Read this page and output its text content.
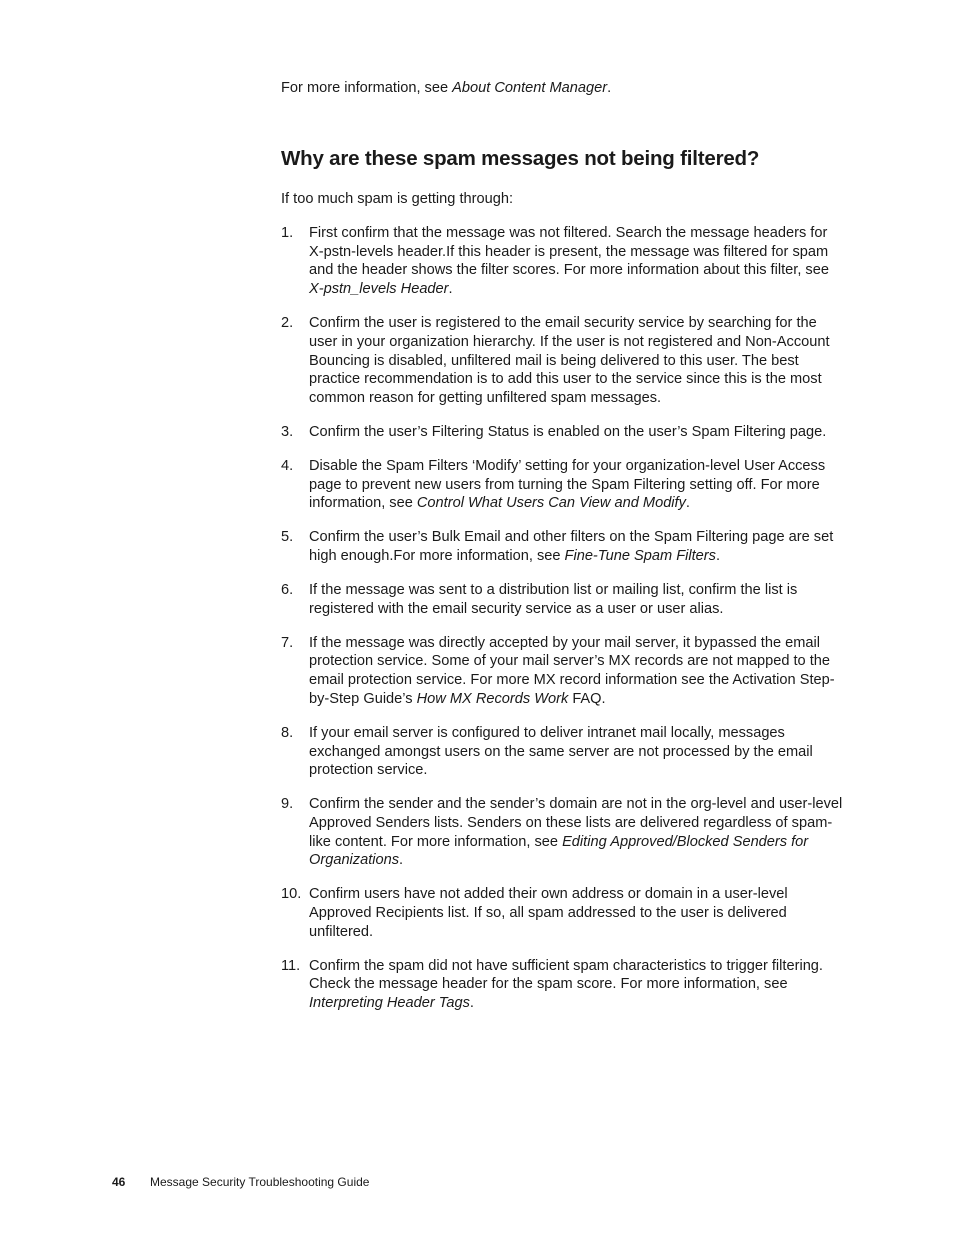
For more information, see About Content Manager.

Why are these spam messages not being filtered?

If too much spam is getting through:

1.	First confirm that the message was not filtered. Search the message headers for X-pstn-levels header.If this header is present, the message was filtered for spam and the header shows the filter scores. For more information about this filter, see X-pstn_levels Header.
2.	Confirm the user is registered to the email security service by searching for the user in your organization hierarchy. If the user is not registered and Non-Account Bouncing is disabled, unfiltered mail is being delivered to this user. The best practice recommendation is to add this user to the service since this is the most common reason for getting unfiltered spam messages.
3.	Confirm the user’s Filtering Status is enabled on the user’s Spam Filtering page.
4.	Disable the Spam Filters ‘Modify’ setting for your organization-level User Access page to prevent new users from turning the Spam Filtering setting off. For more information, see Control What Users Can View and Modify.
5.	Confirm the user’s Bulk Email and other filters on the Spam Filtering page are set high enough.For more information, see Fine-Tune Spam Filters.
6.	If the message was sent to a distribution list or mailing list, confirm the list is registered with the email security service as a user or user alias.
7.	If the message was directly accepted by your mail server, it bypassed the email protection service. Some of your mail server’s MX records are not mapped to the email protection service. For more MX record information see the Activation Step-by-Step Guide’s How MX Records Work FAQ.
8.	If your email server is configured to deliver intranet mail locally, messages exchanged amongst users on the same server are not processed by the email protection service.
9.	Confirm the sender and the sender’s domain are not in the org-level and user-level Approved Senders lists. Senders on these lists are delivered regardless of spam-like content. For more information, see Editing Approved/Blocked Senders for Organizations.
10. Confirm users have not added their own address or domain in a user-level Approved Recipients list. If so, all spam addressed to the user is delivered unfiltered.
11. Confirm the spam did not have sufficient spam characteristics to trigger filtering. Check the message header for the spam score. For more information, see Interpreting Header Tags.
46	Message Security Troubleshooting Guide
